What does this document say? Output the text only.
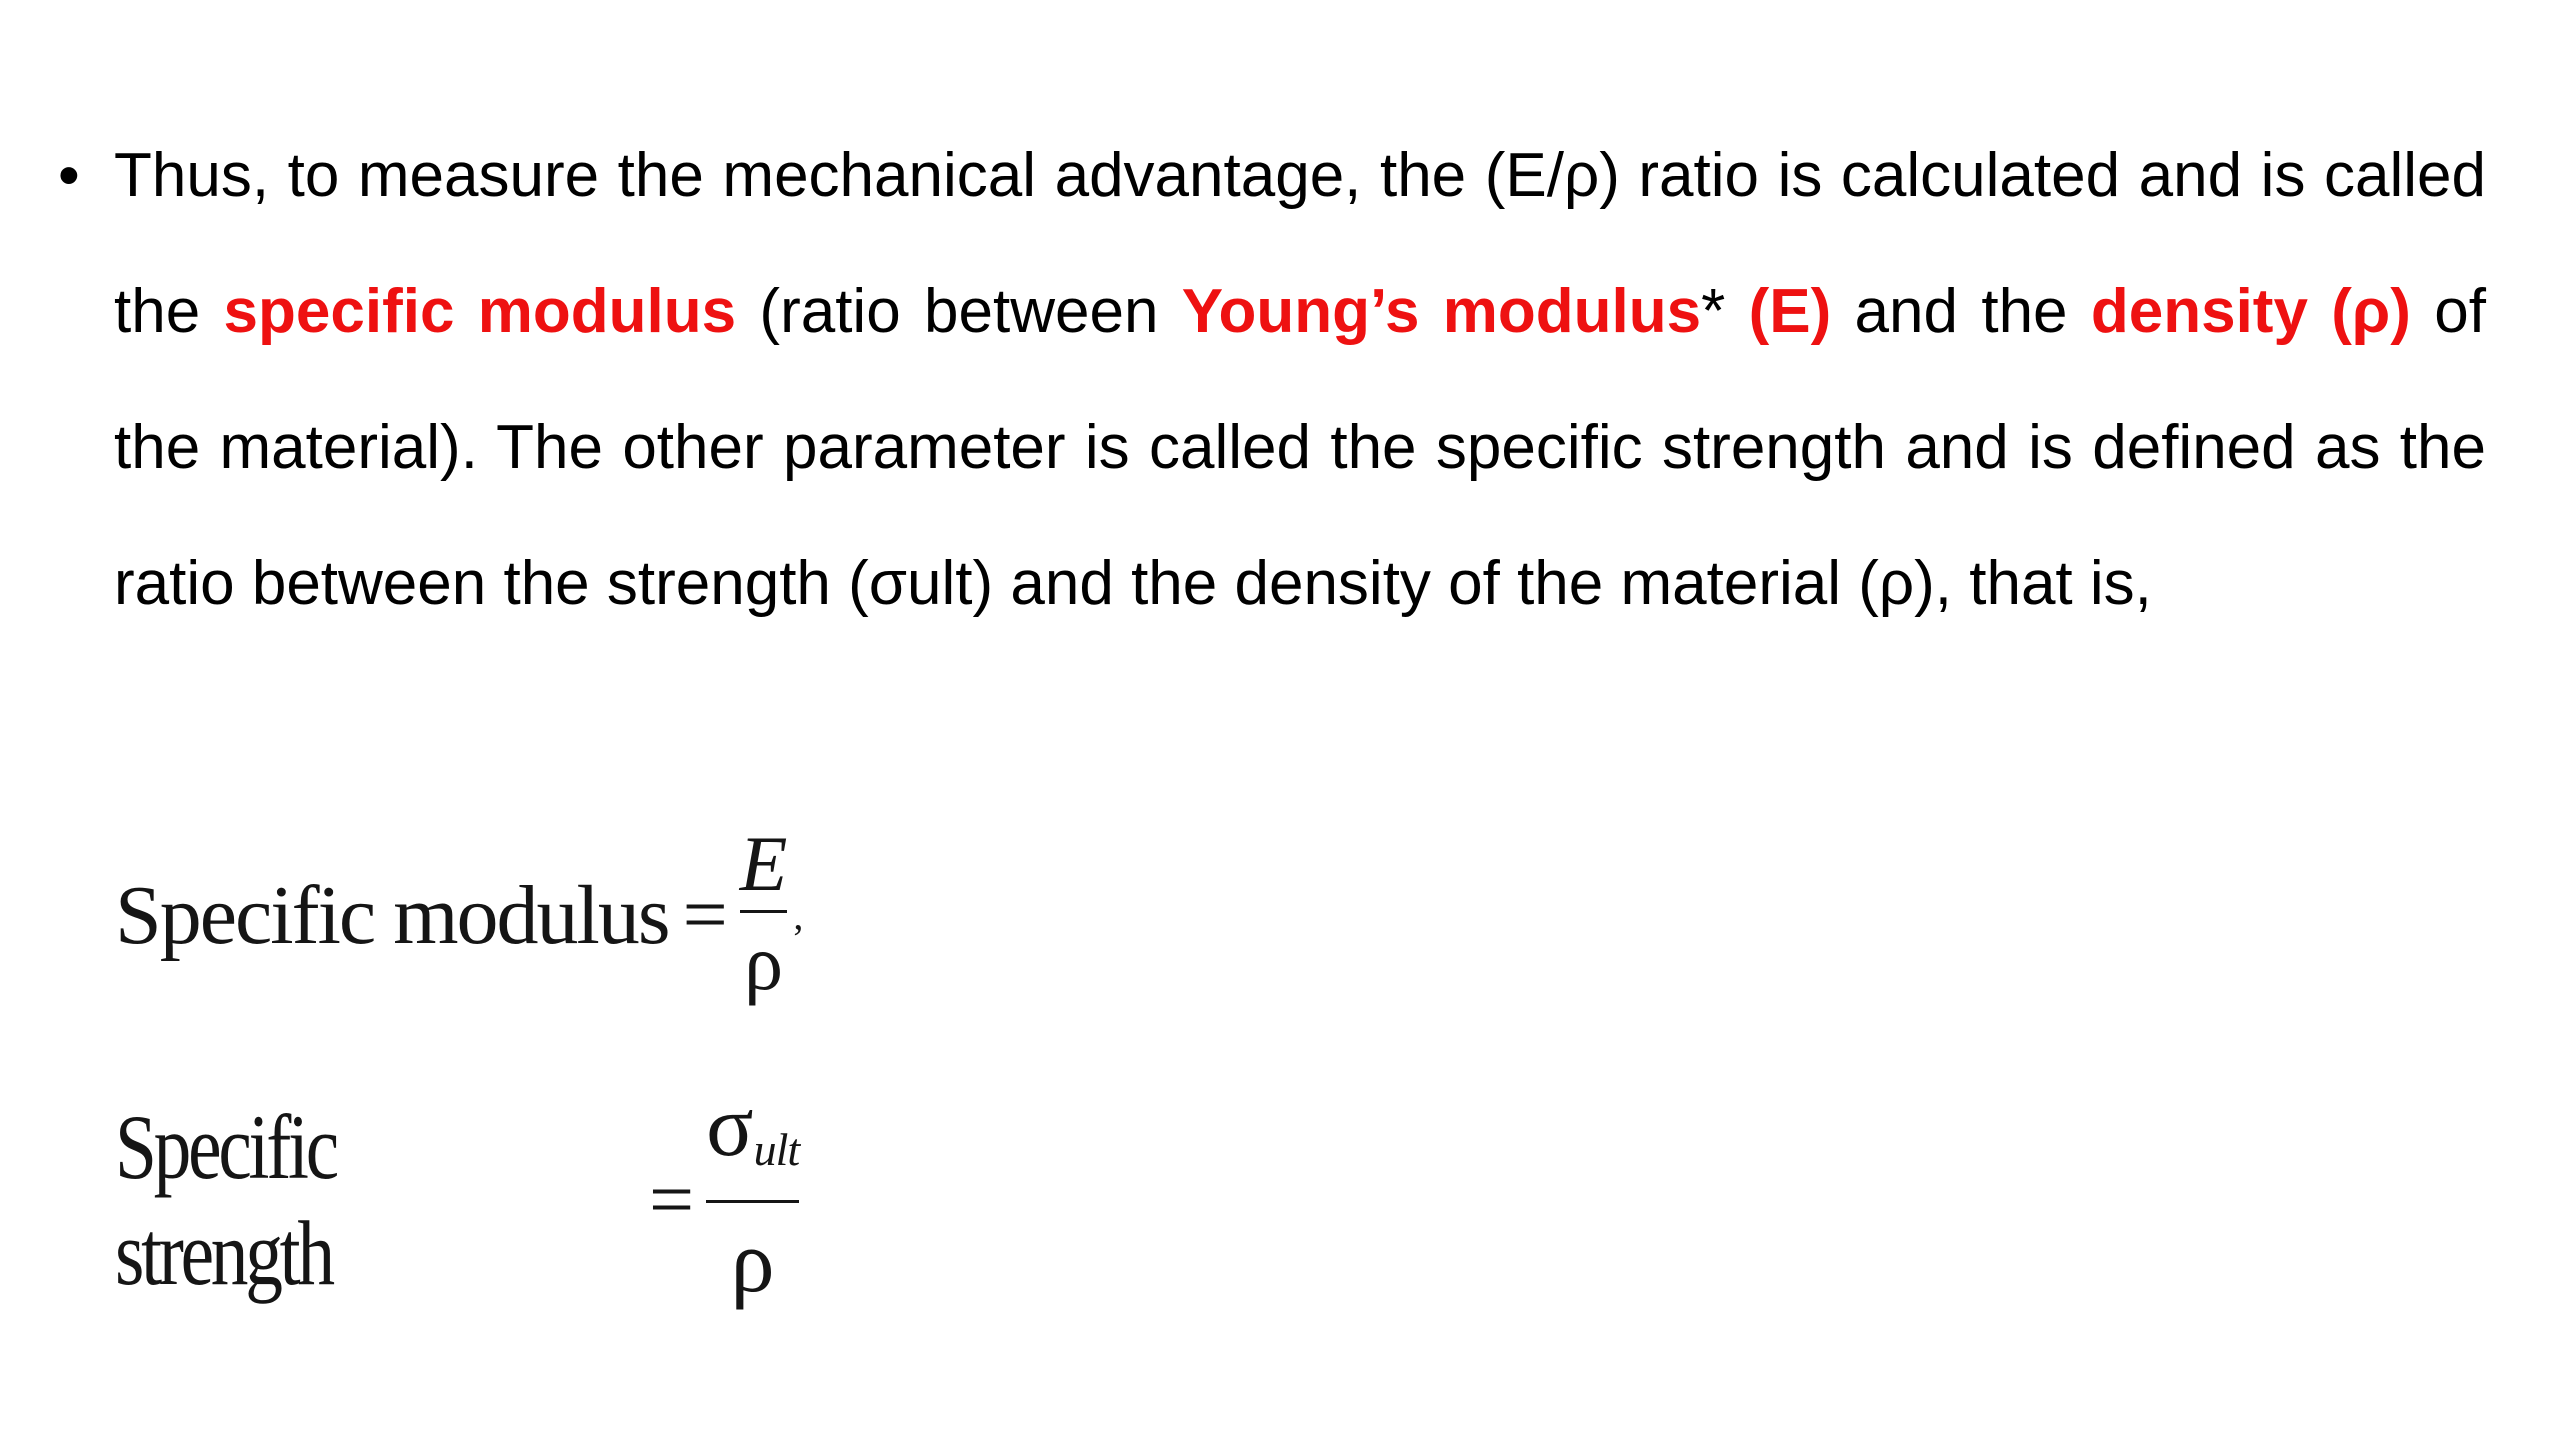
• Thus, to measure the mechanical advantage, the (E/ρ) ratio is calculated and is called the specific modulus (ratio between Young’s modulus* (E) and the density (ρ) of the material). The other parameter is called the specific strength and is defined as the ratio between the strength (σult) and the density of the material (ρ), that is,

Specific modulus = $\frac{E}{\rho}$ ,
Specific strength
= $\frac{\sigma_{ult}}{\rho}$
